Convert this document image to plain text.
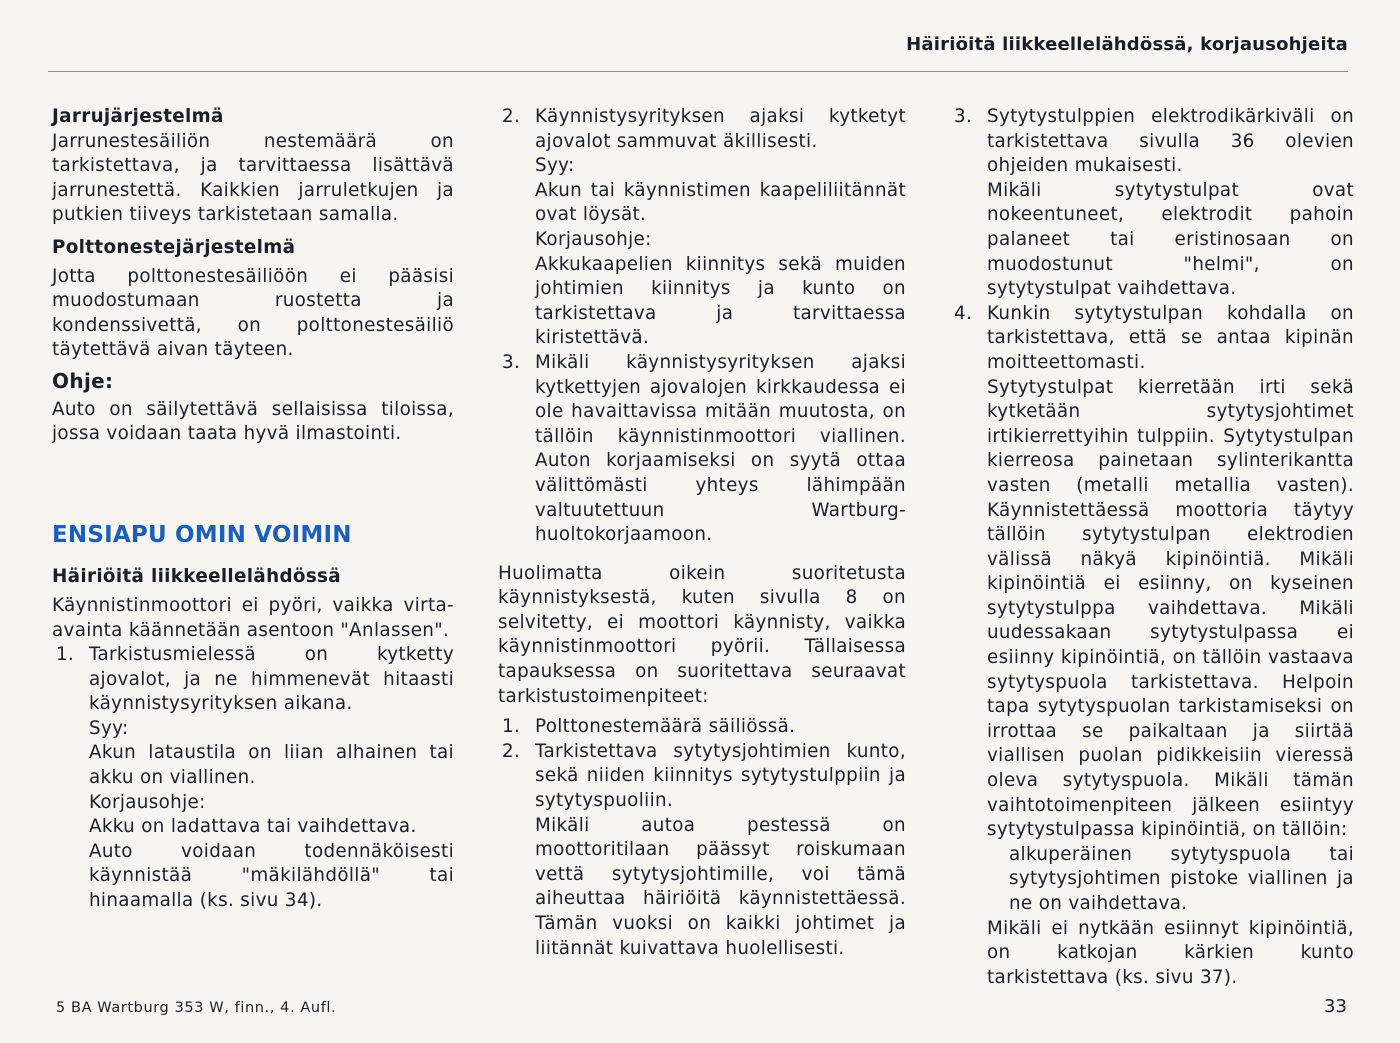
Häiriöitä liikkeellelähdössä, korjausohjeita

Jarrujärjestelmä

Jarrunestesäiliön nestemäärä on tarkistettava, ja tarvittaessa lisättävä jarrunestettä. Kaikkien jarruletkujen ja putkien tiiveys tarkistetaan samalla.

Polttonestejärjestelmä

Jotta polttonestesäiliöön ei pääsisi muodostumaan ruostetta ja kondenssivettä, on polttonestesäiliö täytettävä aivan täyteen.

Ohje:

Auto on säilytettävä sellaisissa tiloissa, jossa voidaan taata hyvä ilmastointi.

ENSIAPU OMIN VOIMIN

Häiriöitä liikkeellelähdössä

Käynnistinmoottori ei pyöri, vaikka virta-avainta käännetään asentoon "Anlassen".

1. Tarkistusmielessä on kytketty ajovalot, ja ne himmenevät hitaasti käynnistysyrityksen aikana.

Syy:

Akun lataustila on liian alhainen tai akku on viallinen.

Korjausohje:

Akku on ladattava tai vaihdettava.

Auto voidaan todennäköisesti käynnistää "mäkilähdöllä" tai hinaamalla (ks. sivu 34).

2. Käynnistysyrityksen ajaksi kytketyt ajovalot sammuvat äkillisesti.

Syy:

Akun tai käynnistimen kaapeliliitännät ovat löysät.

Korjausohje:

Akkukaapelien kiinnitys sekä muiden johtimien kiinnitys ja kunto on tarkistettava ja tarvittaessa kiristettävä.

3. Mikäli käynnistysyrityksen ajaksi kytkettyjen ajovalojen kirkkaudessa ei ole havaittavissa mitään muutosta, on tällöin käynnistinmoottori viallinen. Auton korjaamiseksi on syytä ottaa välittömästi yhteys lähimpään valtuutettuun Wartburg-huoltokorjaamoon.

Huolimatta oikein suoritetusta käynnistyksestä, kuten sivulla 8 on selvitetty, ei moottori käynnisty, vaikka käynnistinmoottori pyörii. Tällaisessa tapauksessa on suoritettava seuraavat tarkistustoimenpiteet:

1. Polttonestemäärä säiliössä.

2. Tarkistettava sytytysjohtimien kunto, sekä niiden kiinnitys sytytystulppiin ja sytytyspuoliin.

Mikäli autoa pestessä on moottoritilaan päässyt roiskumaan vettä sytytysjohtimille, voi tämä aiheuttaa häiriöitä käynnistettäessä. Tämän vuoksi on kaikki johtimet ja liitännät kuivattava huolellisesti.

3. Sytytystulppien elektrodikärkiväli on tarkistettava sivulla 36 olevien ohjeiden mukaisesti.

Mikäli sytytystulpat ovat nokeentuneet, elektrodit pahoin palaneet tai eristinosaan on muodostunut "helmi", on sytytystulpat vaihdettava.

4. Kunkin sytytystulpan kohdalla on tarkistettava, että se antaa kipinän moitteettomasti.

Sytytystulpat kierretään irti sekä kytketään sytytysjohtimet irtikierrettyihin tulppiin. Sytytystulpan kierreosa painetaan sylinterikantta vasten (metalli metallia vasten). Käynnistettäessä moottoria täytyy tällöin sytytystulpan elektrodien välissä näkyä kipinöintiä. Mikäli kipinöintiä ei esiinny, on kyseinen sytytystulppa vaihdettava. Mikäli uudessakaan sytytystulpassa ei esiinny kipinöintiä, on tällöin vastaava sytytyspuola tarkistettava. Helpoin tapa sytytyspuolan tarkistamiseksi on irrottaa se paikaltaan ja siirtää viallisen puolan pidikkeisiin vieressä oleva sytytyspuola. Mikäli tämän vaihtotoimenpiteen jälkeen esiintyy sytytystulpassa kipinöintiä, on tällöin:

alkuperäinen sytytyspuola tai sytytysjohtimen pistoke viallinen ja ne on vaihdettava.

Mikäli ei nytkään esiinnyt kipinöintiä, on katkojan kärkien kunto tarkistettava (ks. sivu 37).

5 BA Wartburg 353 W, finn., 4. Aufl.	33
